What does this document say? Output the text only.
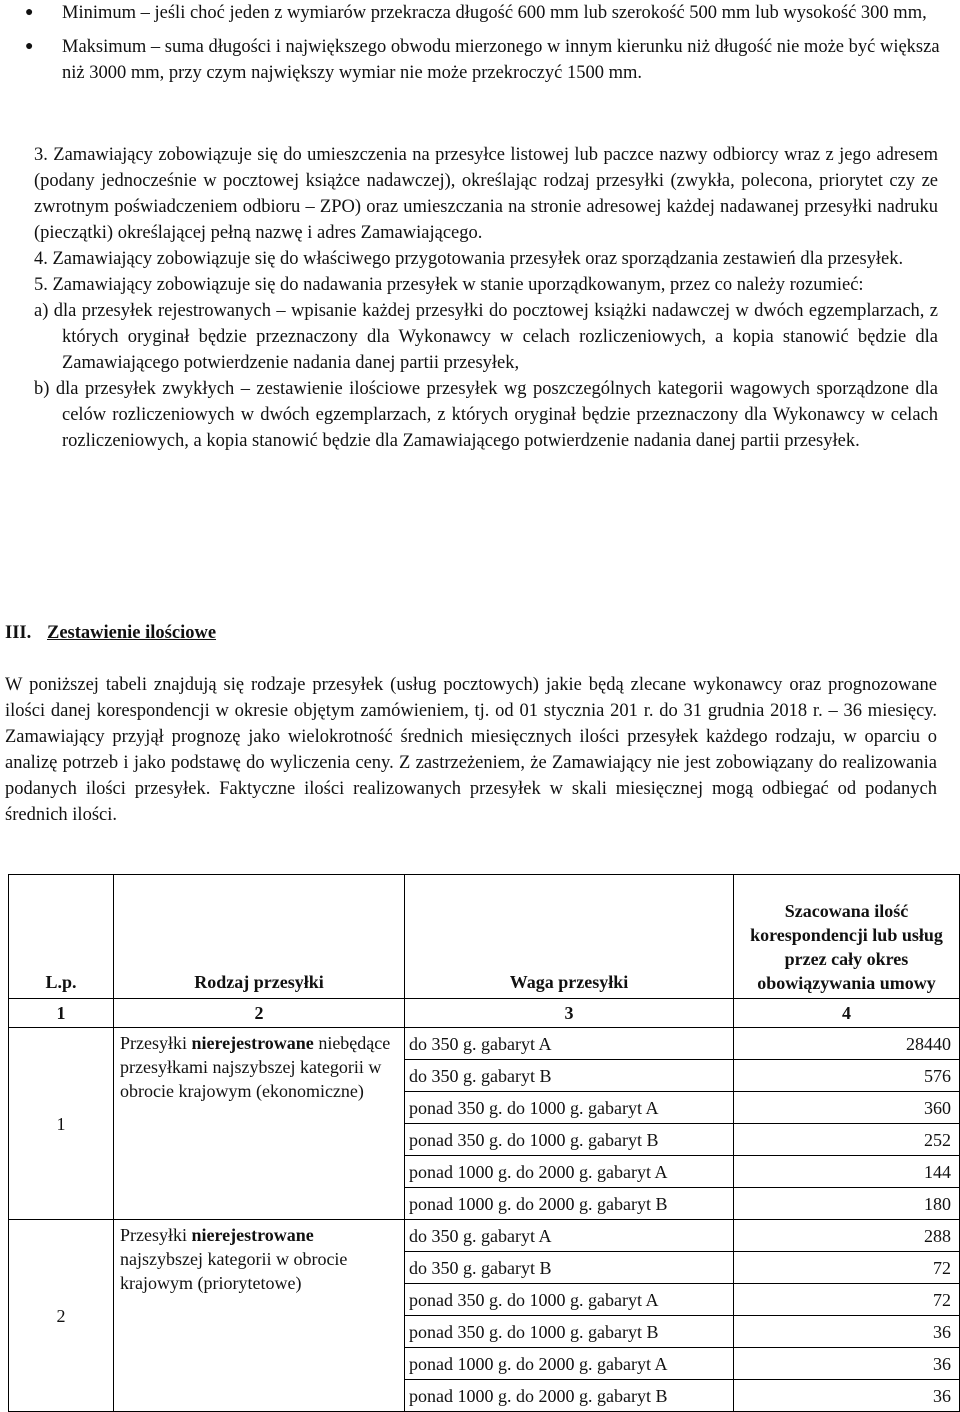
● Minimum – jeśli choć jeden z wymiarów przekracza długość 600 mm lub szerokość 500 mm lub wysokość 300 mm,
● Maksimum – suma długości i największego obwodu mierzonego w innym kierunku niż długość nie może być większa niż 3000 mm, przy czym największy wymiar nie może przekroczyć 1500 mm.

3. Zamawiający zobowiązuje się do umieszczenia na przesyłce listowej lub paczce nazwy odbiorcy wraz z jego adresem (podany jednocześnie w pocztowej książce nadawczej), określając rodzaj przesyłki (zwykła, polecona, priorytet czy ze zwrotnym poświadczeniem odbioru – ZPO) oraz umieszczania na stronie adresowej każdej nadawanej przesyłki nadruku (pieczątki) określającej pełną nazwę i adres Zamawiającego.

4. Zamawiający zobowiązuje się do właściwego przygotowania przesyłek oraz sporządzania zestawień dla przesyłek.

5. Zamawiający zobowiązuje się do nadawania przesyłek w stanie uporządkowanym, przez co należy rozumieć:

a) dla przesyłek rejestrowanych – wpisanie każdej przesyłki do pocztowej książki nadawczej w dwóch egzemplarzach, z których oryginał będzie przeznaczony dla Wykonawcy w celach rozliczeniowych, a kopia stanowić będzie dla Zamawiającego potwierdzenie nadania danej partii przesyłek,

b) dla przesyłek zwykłych – zestawienie ilościowe przesyłek wg poszczególnych kategorii wagowych sporządzone dla celów rozliczeniowych w dwóch egzemplarzach, z których oryginał będzie przeznaczony dla Wykonawcy w celach rozliczeniowych, a kopia stanowić będzie dla Zamawiającego potwierdzenie nadania danej partii przesyłek.

III. Zestawienie ilościowe

W poniższej tabeli znajdują się rodzaje przesyłek (usług pocztowych) jakie będą zlecane wykonawcy oraz prognozowane ilości danej korespondencji w okresie objętym zamówieniem, tj. od 01 stycznia 201 r. do 31 grudnia 2018 r. – 36 miesięcy. Zamawiający przyjął prognozę jako wielokrotność średnich miesięcznych ilości przesyłek każdego rodzaju, w oparciu o analizę potrzeb i jako podstawę do wyliczenia ceny. Z zastrzeżeniem, że Zamawiający nie jest zobowiązany do realizowania podanych ilości przesyłek. Faktyczne ilości realizowanych przesyłek w skali miesięcznej mogą odbiegać od podanych średnich ilości.

L.p.	Rodzaj przesyłki	Waga przesyłki	Szacowana ilość korespondencji lub usług przez cały okres obowiązywania umowy
1	2	3	4
1	Przesyłki nierejestrowane niebędące przesyłkami najszybszej kategorii w obrocie krajowym (ekonomiczne)	do 350 g. gabaryt A	28440
		do 350 g. gabaryt B	576
		ponad 350 g. do 1000 g. gabaryt A	360
		ponad 350 g. do 1000 g. gabaryt B	252
		ponad 1000 g. do 2000 g. gabaryt A	144
		ponad 1000 g. do 2000 g. gabaryt B	180
2	Przesyłki nierejestrowane najszybszej kategorii w obrocie krajowym (priorytetowe)	do 350 g. gabaryt A	288
		do 350 g. gabaryt B	72
		ponad 350 g. do 1000 g. gabaryt A	72
		ponad 350 g. do 1000 g. gabaryt B	36
		ponad 1000 g. do 2000 g. gabaryt A	36
		ponad 1000 g. do 2000 g. gabaryt B	36
